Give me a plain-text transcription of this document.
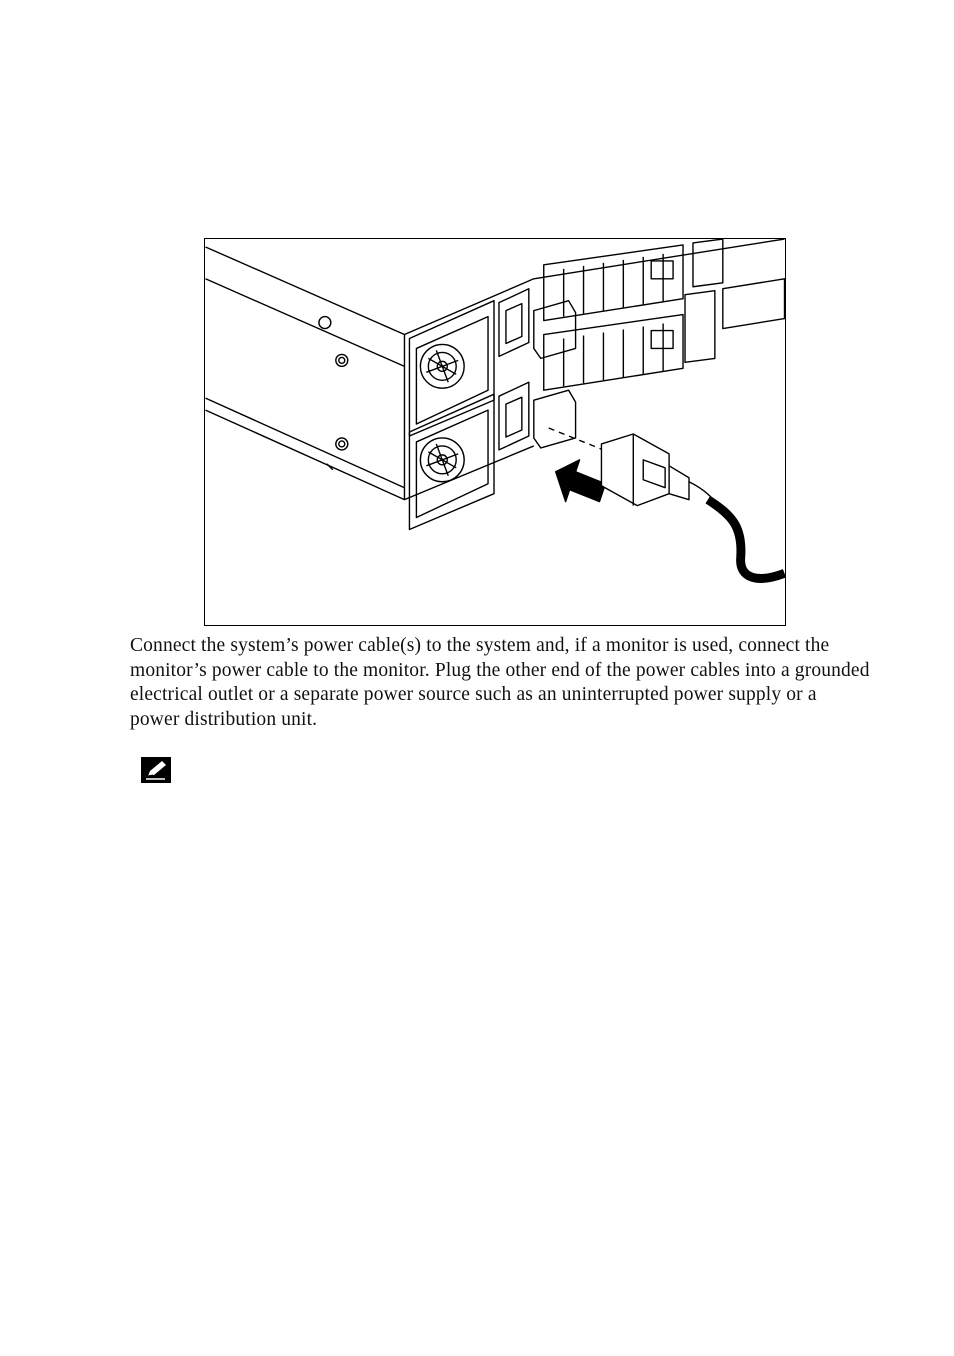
Connect the system’s power cable(s) to the system and, if a monitor is used, connect the monitor’s power cable to the monitor. Plug the other end of the power cables into a grounded electrical outlet or a separate power source such as an uninterrupted power supply or a power distribution unit.
